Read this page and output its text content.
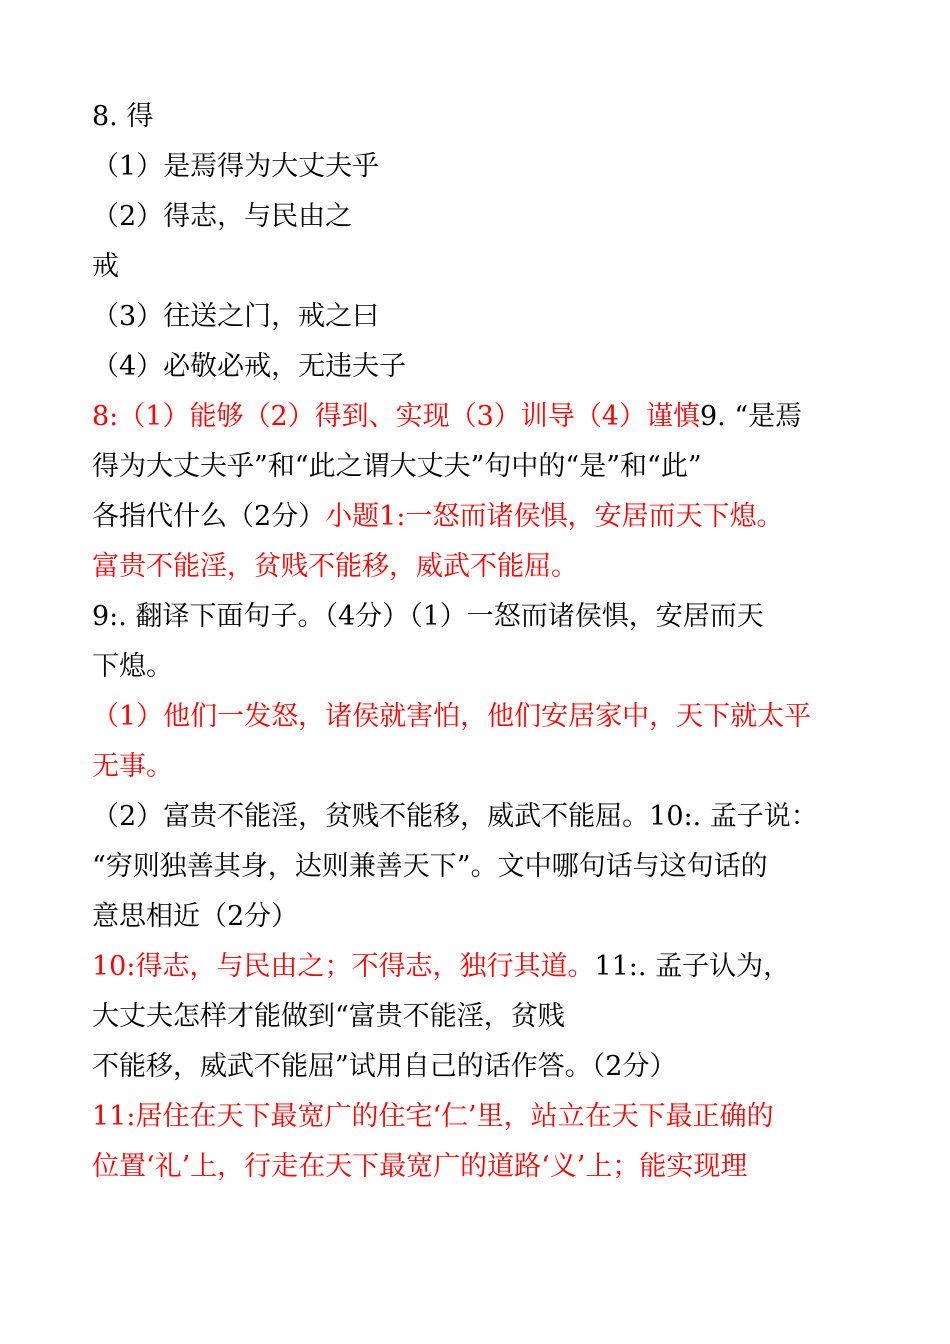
8. 得
（1）是焉得为大丈夫乎
（2）得志，与民由之
戒
（3）往送之门，戒之曰
（4）必敬必戒，无违夫子
8:（1）能够（2）得到、实现（3）训导（4）谨慎9. “是焉
得为大丈夫乎”和“此之谓大丈夫”句中的“是”和“此”
各指代什么（2分）小题1:一怒而诸侯惧，安居而天下熄。
富贵不能淫，贫贱不能移，威武不能屈。
9:. 翻译下面句子。（4分）（1）一怒而诸侯惧，安居而天
下熄。
（1）他们一发怒，诸侯就害怕，他们安居家中，天下就太平
无事。
（2）富贵不能淫，贫贱不能移，威武不能屈。10:. 孟子说：
“穷则独善其身，达则兼善天下”。文中哪句话与这句话的
意思相近（2分）
10:得志，与民由之；不得志，独行其道。11:. 孟子认为，
大丈夫怎样才能做到“富贵不能淫，贫贱
不能移，威武不能屈”试用自己的话作答。（2分）
11:居住在天下最宽广的住宅‘仁’里，站立在天下最正确的
位置‘礼’上，行走在天下最宽广的道路‘义’上；能实现理
